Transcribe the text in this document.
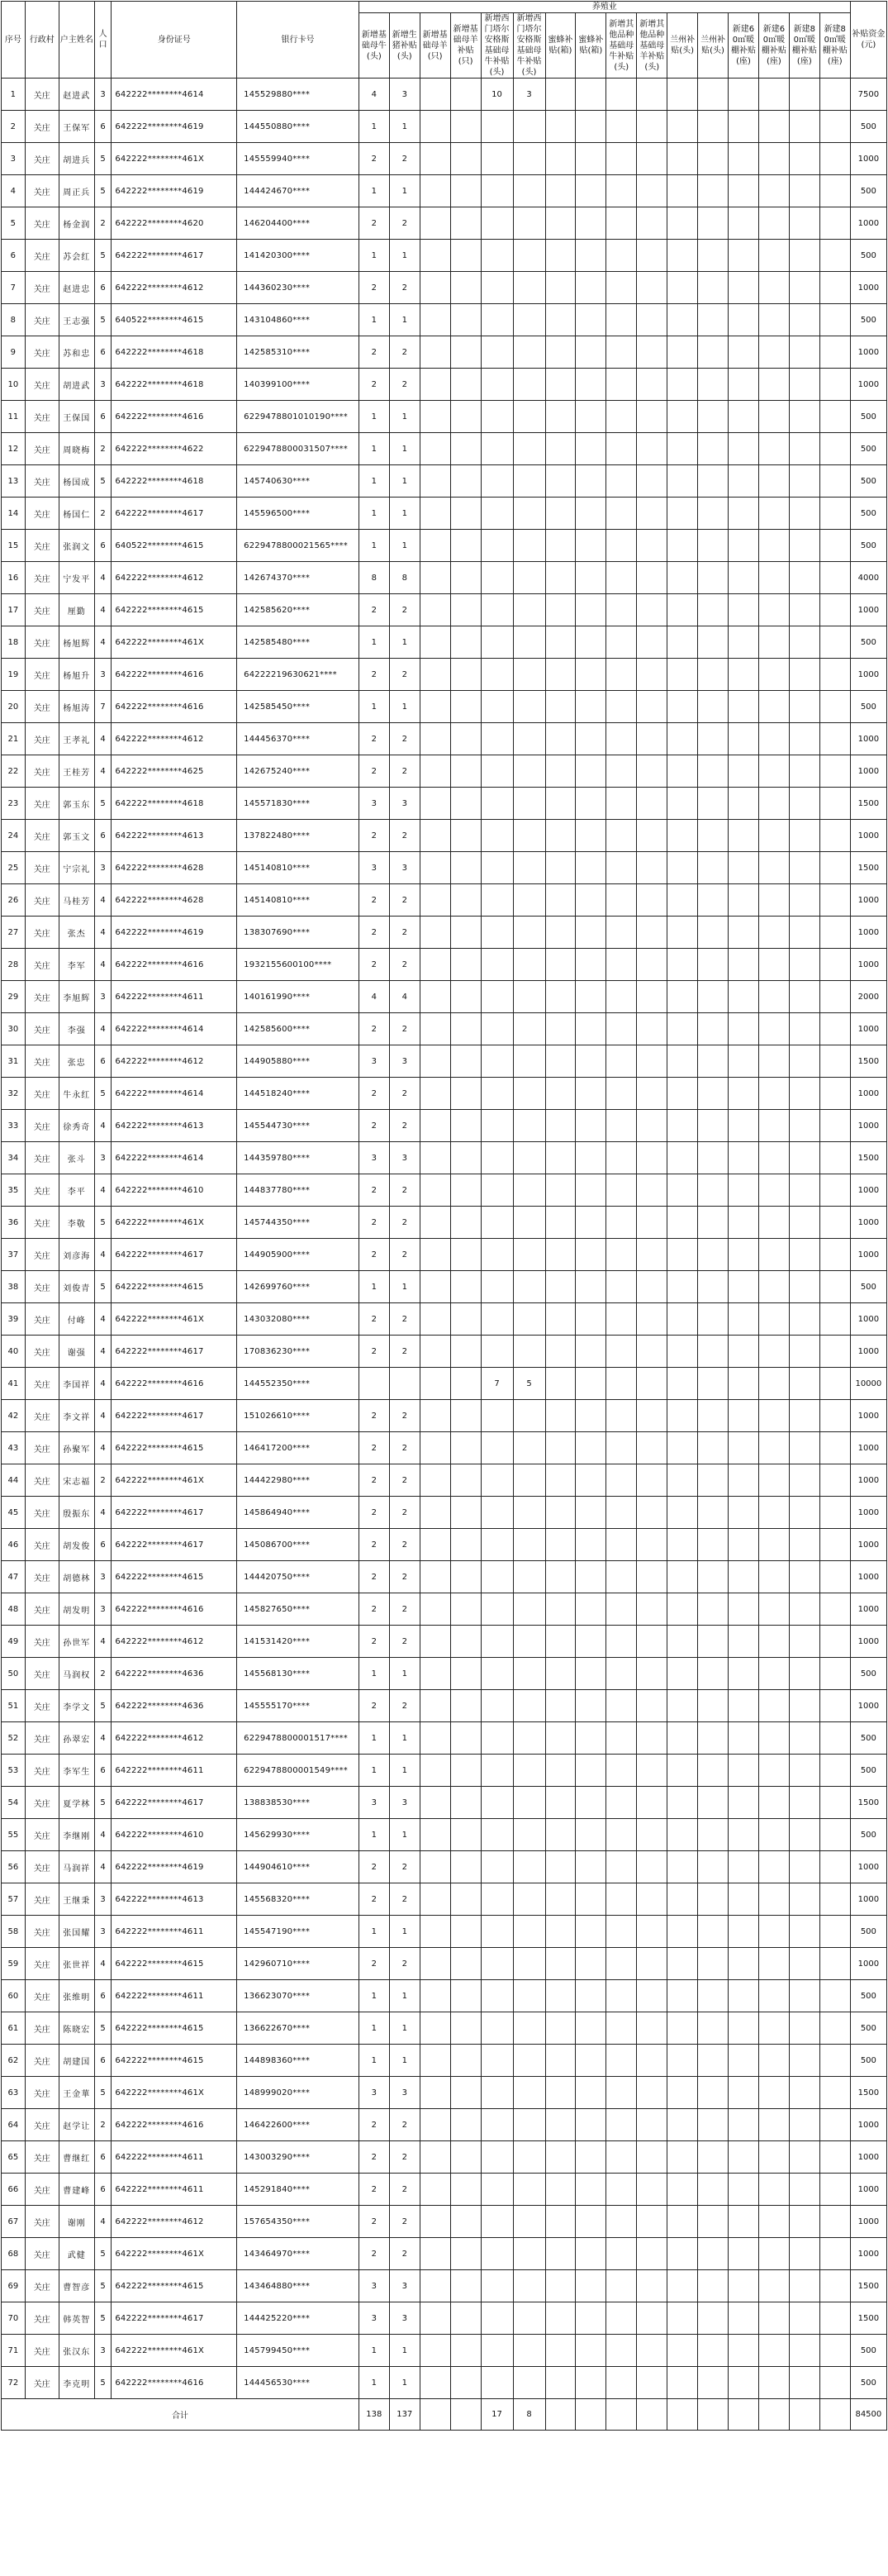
序号	行政村	户主姓名	人口	身份证号	银行卡号	养殖业																补贴资金(元)
						新增基础母牛(头)	新增生猪补贴(头)	新增基础母羊(只)	新增基础母羊补贴(只)	新增西门塔尔安格斯基础母牛补贴(头)	新增西门塔尔安格斯基础母牛补贴(头)	蜜蜂补贴(箱)	蜜蜂补贴(箱)	新增其他品种基础母牛补贴(头)	新增其他品种基础母羊补贴(头)	兰州补贴(头)	兰州补贴(头)	新建60㎡暖棚补贴(座)	新建60㎡暖棚补贴(座)	新建80㎡暖棚补贴(座)	新建80㎡暖棚补贴(座)	
1	关庄	赵进武	3	642222********4614	145529880****	4	3			10	3											7500
2	关庄	王保军	6	642222********4619	144550880****	1	1															500
3	关庄	胡进兵	5	642222********461X	145559940****	2	2															1000
4	关庄	周正兵	5	642222********4619	144424670****	1	1															500
5	关庄	杨金润	2	642222********4620	146204400****	2	2															1000
6	关庄	苏会红	5	642222********4617	141420300****	1	1															500
7	关庄	赵进忠	6	642222********4612	144360230****	2	2															1000
8	关庄	王志强	5	640522********4615	143104860****	1	1															500
9	关庄	苏和忠	6	642222********4618	142585310****	2	2															1000
10	关庄	胡进武	3	642222********4618	140399100****	2	2															1000
11	关庄	王保国	6	642222********4616	6229478801010190****	1	1															500
12	关庄	周晓梅	2	642222********4622	6229478800031507****	1	1															500
13	关庄	杨国成	5	642222********4618	145740630****	1	1															500
14	关庄	杨国仁	2	642222********4617	145596500****	1	1															500
15	关庄	张润文	6	640522********4615	6229478800021565****	1	1															500
16	关庄	宁发平	4	642222********4612	142674370****	8	8															4000
17	关庄	厘勤	4	642222********4615	142585620****	2	2															1000
18	关庄	杨旭辉	4	642222********461X	142585480****	1	1															500
19	关庄	杨旭升	3	642222********4616	64222219630621****	2	2															1000
20	关庄	杨旭涛	7	642222********4616	142585450****	1	1															500
21	关庄	王孝礼	4	642222********4612	144456370****	2	2															1000
22	关庄	王桂芳	4	642222********4625	142675240****	2	2															1000
23	关庄	郭玉东	5	642222********4618	145571830****	3	3															1500
24	关庄	郭玉文	6	642222********4613	137822480****	2	2															1000
25	关庄	宁宗礼	3	642222********4628	145140810****	3	3															1500
26	关庄	马桂芳	4	642222********4628	145140810****	2	2															1000
27	关庄	张杰	4	642222********4619	138307690****	2	2															1000
28	关庄	李军	4	642222********4616	1932155600100****	2	2															1000
29	关庄	李旭辉	3	642222********4611	140161990****	4	4															2000
30	关庄	李强	4	642222********4614	142585600****	2	2															1000
31	关庄	张忠	6	642222********4612	144905880****	3	3															1500
32	关庄	牛永红	5	642222********4614	144518240****	2	2															1000
33	关庄	徐秀奇	4	642222********4613	145544730****	2	2															1000
34	关庄	张斗	3	642222********4614	144359780****	3	3															1500
35	关庄	李平	4	642222********4610	144837780****	2	2															1000
36	关庄	李敬	5	642222********461X	145744350****	2	2															1000
37	关庄	刘彦海	4	642222********4617	144905900****	2	2															1000
38	关庄	刘俊青	5	642222********4615	142699760****	1	1															500
39	关庄	付峰	4	642222********461X	143032080****	2	2															1000
40	关庄	谢强	4	642222********4617	170836230****	2	2															1000
41	关庄	李国祥	4	642222********4616	144552350****					7	5											10000
42	关庄	李文祥	4	642222********4617	151026610****	2	2															1000
43	关庄	孙聚军	4	642222********4615	146417200****	2	2															1000
44	关庄	宋志福	2	642222********461X	144422980****	2	2															1000
45	关庄	殷振东	4	642222********4617	145864940****	2	2															1000
46	关庄	胡发俊	6	642222********4617	145086700****	2	2															1000
47	关庄	胡德林	3	642222********4615	144420750****	2	2															1000
48	关庄	胡发明	3	642222********4616	145827650****	2	2															1000
49	关庄	孙世军	4	642222********4612	141531420****	2	2															1000
50	关庄	马润权	2	642222********4636	145568130****	1	1															500
51	关庄	李学文	5	642222********4636	145555170****	2	2															1000
52	关庄	孙翠宏	4	642222********4612	6229478800001517****	1	1															500
53	关庄	李军生	6	642222********4611	6229478800001549****	1	1															500
54	关庄	夏学林	5	642222********4617	138838530****	3	3															1500
55	关庄	李继刚	4	642222********4610	145629930****	1	1															500
56	关庄	马润祥	4	642222********4619	144904610****	2	2															1000
57	关庄	王继秉	3	642222********4613	145568320****	2	2															1000
58	关庄	张国耀	3	642222********4611	145547190****	1	1															500
59	关庄	张世祥	4	642222********4615	142960710****	2	2															1000
60	关庄	张维明	6	642222********4611	136623070****	1	1															500
61	关庄	陈晓宏	5	642222********4615	136622670****	1	1															500
62	关庄	胡建国	6	642222********4615	144898360****	1	1															500
63	关庄	王金華	5	642222********461X	148999020****	3	3															1500
64	关庄	赵学让	2	642222********4616	146422600****	2	2															1000
65	关庄	曹继红	6	642222********4611	143003290****	2	2															1000
66	关庄	曹建峰	6	642222********4611	145291840****	2	2															1000
67	关庄	谢刚	4	642222********4612	157654350****	2	2															1000
68	关庄	武健	5	642222********461X	143464970****	2	2															1000
69	关庄	曹智彦	5	642222********4615	143464880****	3	3															1500
70	关庄	韩英智	5	642222********4617	144425220****	3	3															1500
71	关庄	张汉东	3	642222********461X	145799450****	1	1															500
72	关庄	李克明	5	642222********4616	144456530****	1	1															500
合计						138	137			17	8											84500
